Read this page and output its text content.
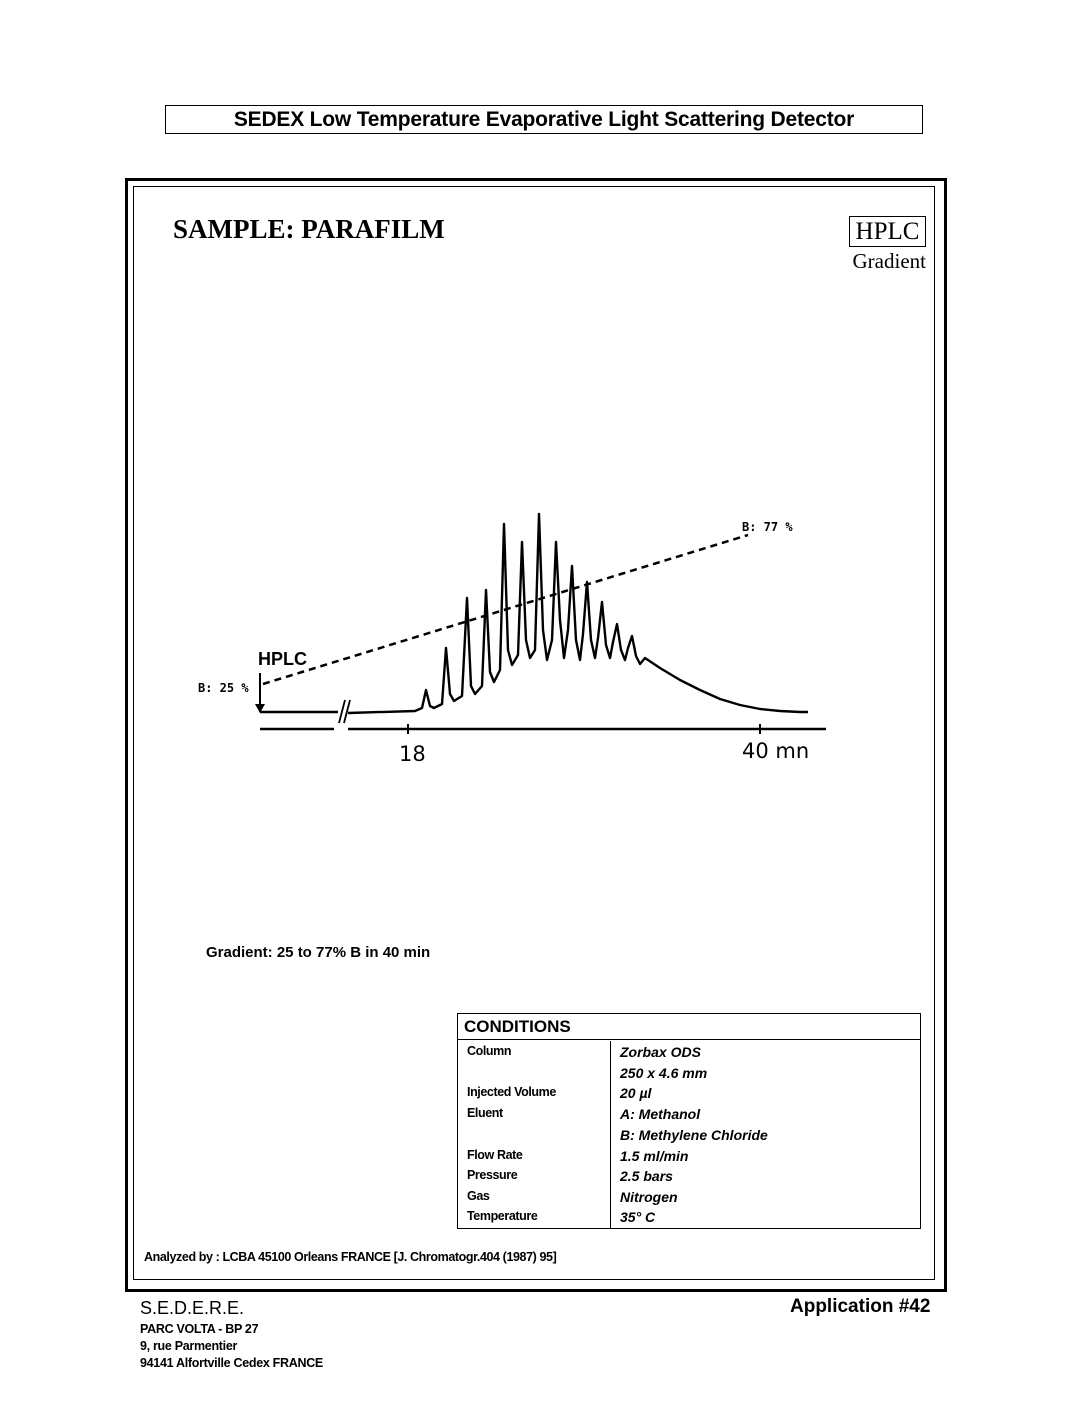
SEDEX Low Temperature Evaporative Light Scattering Detector
SAMPLE: PARAFILM	HPLC
Gradient
HPLC
B: 25 %
B: 77 %
18	40 mn
Gradient: 25 to 77% B in 40 min
CONDITIONS
Column	Zorbax ODS
250 x 4.6 mm
Injected Volume	20 µl
Eluent	A: Methanol
B: Methylene Chloride
Flow Rate	1.5 ml/min
Pressure	2.5 bars
Gas	Nitrogen
Temperature	35° C
Analyzed by : LCBA 45100 Orleans FRANCE [J. Chromatogr.404 (1987) 95]
S.E.D.E.R.E.
PARC VOLTA - BP 27
9, rue Parmentier
94141 Alfortville Cedex FRANCE
Application #42
